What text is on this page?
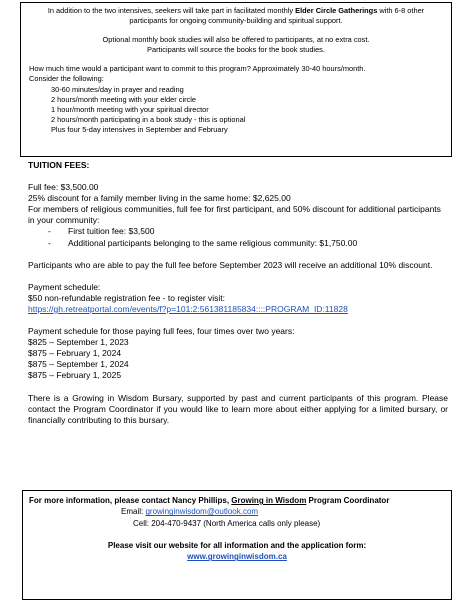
In addition to the two intensives, seekers will take part in facilitated monthly Elder Circle Gatherings with 6-8 other

participants for ongoing community-building and spiritual support.

Optional monthly book studies will also be offered to participants, at no extra cost.

Participants will source the books for the book studies.

How much time would a participant want to commit to this program? Approximately 30-40 hours/month.

Consider the following:

30-60 minutes/day in prayer and reading

2 hours/month meeting with your elder circle

1 hour/month meeting with your spiritual director

2 hours/month participating in a book study - this is optional

Plus four 5-day intensives in September and February

TUITION FEES:

Full fee: $3,500.00

25% discount for a family member living in the same home: $2,625.00

For members of religious communities, full fee for first participant, and 50% discount for additional participants in your community:

-	First tuition fee: $3,500
-	Additional participants belonging to the same religious community: $1,750.00

Participants who are able to pay the full fee before September 2023 will receive an additional 10% discount.

Payment schedule:

$50 non-refundable registration fee - to register visit:

https://gh.retreatportal.com/events/f?p=101:2:561381185834::::PROGRAM_ID:11828

Payment schedule for those paying full fees, four times over two years:

$825 – September 1, 2023

$875 – February 1, 2024

$875 – September 1, 2024

$875 – February 1, 2025

There is a Growing in Wisdom Bursary, supported by past and current participants of this program. Please contact the Program Coordinator if you would like to learn more about either applying for a limited bursary, or financially contributing to this bursary.

For more information, please contact Nancy Phillips, Growing in Wisdom Program Coordinator

Email: growinginwisdom@outlook.com

Cell: 204-470-9437 (North America calls only please)

Please visit our website for all information and the application form:

www.growinginwisdom.ca
